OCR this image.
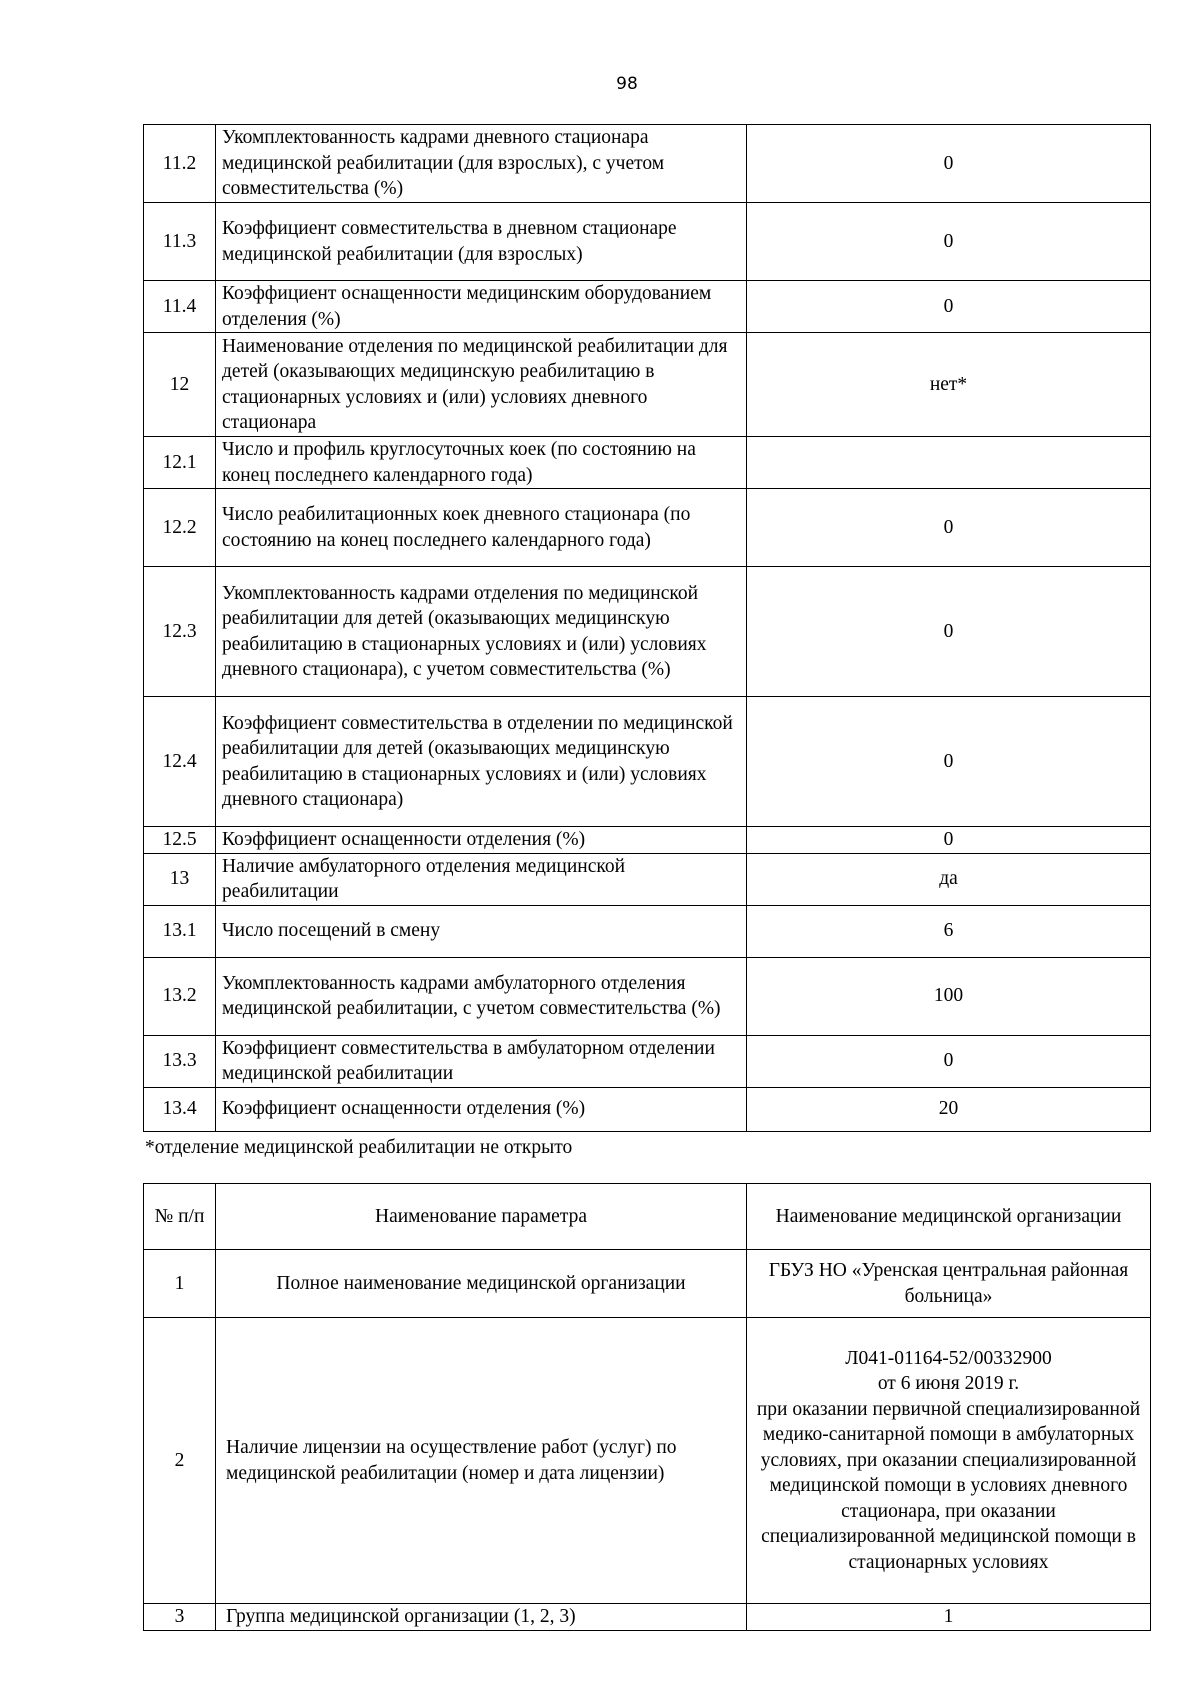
98
11.2	Укомплектованность кадрами дневного стационара медицинской реабилитации (для взрослых), с учетом совместительства (%)	0
11.3	Коэффициент совместительства в дневном стационаре медицинской реабилитации (для взрослых)	0
11.4	Коэффициент оснащенности медицинским оборудованием отделения (%)	0
12	Наименование отделения по медицинской реабилитации для детей (оказывающих медицинскую реабилитацию в стационарных условиях и (или) условиях дневного стационара	нет*
12.1	Число и профиль круглосуточных коек (по состоянию на конец последнего календарного года)	
12.2	Число реабилитационных коек дневного стационара (по состоянию на конец последнего календарного года)	0
12.3	Укомплектованность кадрами отделения по медицинской реабилитации для детей (оказывающих медицинскую реабилитацию в стационарных условиях и (или) условиях дневного стационара), с учетом совместительства (%)	0
12.4	Коэффициент совместительства в отделении по медицинской реабилитации для детей (оказывающих медицинскую реабилитацию в стационарных условиях и (или) условиях дневного стационара)	0
12.5	Коэффициент оснащенности отделения (%)	0
13	Наличие амбулаторного отделения медицинской реабилитации	да
13.1	Число посещений в смену	6
13.2	Укомплектованность кадрами амбулаторного отделения медицинской реабилитации, с учетом совместительства (%)	100
13.3	Коэффициент совместительства в амбулаторном отделении медицинской реабилитации	0
13.4	Коэффициент оснащенности отделения (%)	20
*отделение медицинской реабилитации не открыто
№ п/п	Наименование параметра	Наименование медицинской организации
1	Полное наименование медицинской организации	ГБУЗ НО «Уренская центральная районная больница»
2	Наличие лицензии на осуществление работ (услуг) по медицинской реабилитации (номер и дата лицензии)	Л041-01164-52/00332900
от 6 июня 2019 г.
при оказании первичной специализированной медико-санитарной помощи в амбулаторных условиях, при оказании специализированной медицинской помощи в условиях дневного стационара, при оказании специализированной медицинской помощи в стационарных условиях

3	Группа медицинской организации (1, 2, 3)	1
